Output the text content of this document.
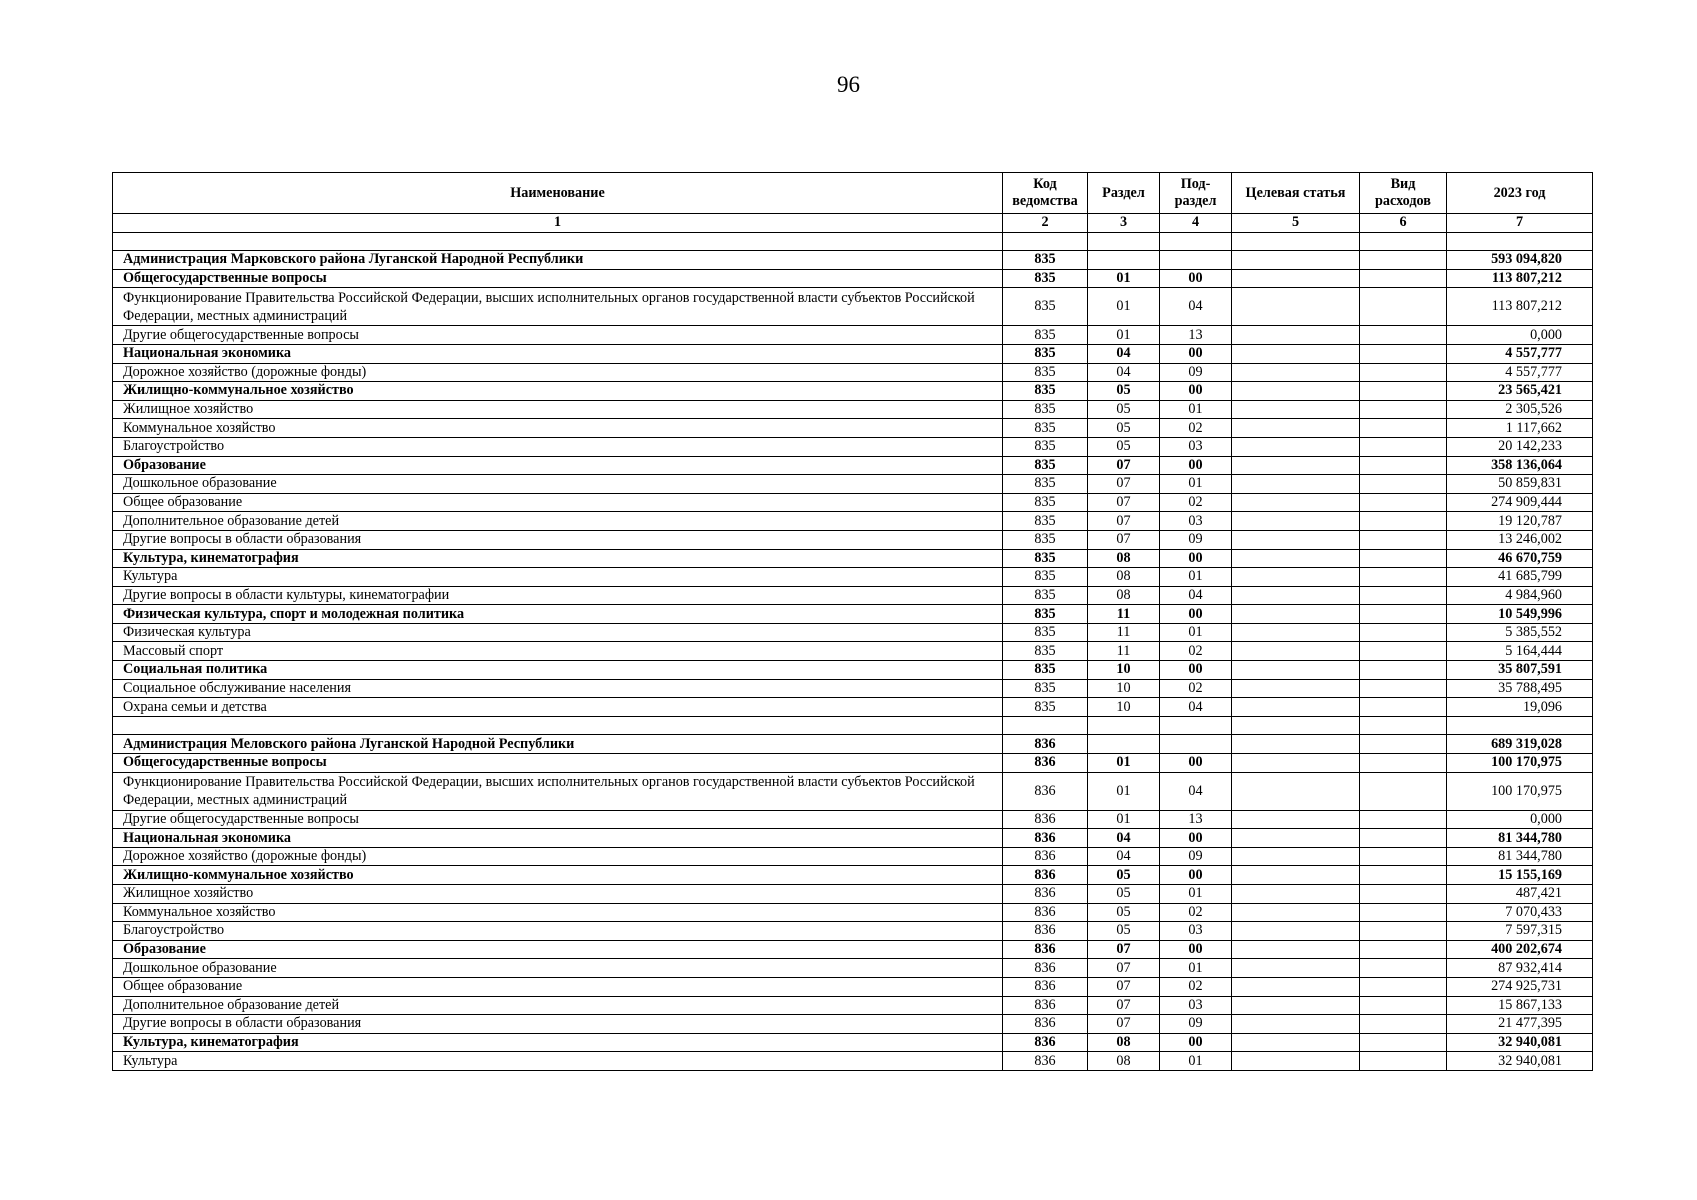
96
Наименование	Код ведомства	Раздел	Под-раздел	Целевая статья	Вид расходов	2023 год
1	2	3	4	5	6	7

Администрация Марковского района Луганской Народной Республики	835					593 094,820
Общегосударственные вопросы	835	01	00			113 807,212
Функционирование Правительства Российской Федерации, высших исполнительных органов государственной власти субъектов Российской Федерации, местных администраций	835	01	04			113 807,212
Другие общегосударственные вопросы	835	01	13			0,000
Национальная экономика	835	04	00			4 557,777
Дорожное хозяйство (дорожные фонды)	835	04	09			4 557,777
Жилищно-коммунальное хозяйство	835	05	00			23 565,421
Жилищное хозяйство	835	05	01			2 305,526
Коммунальное хозяйство	835	05	02			1 117,662
Благоустройство	835	05	03			20 142,233
Образование	835	07	00			358 136,064
Дошкольное образование	835	07	01			50 859,831
Общее образование	835	07	02			274 909,444
Дополнительное образование детей	835	07	03			19 120,787
Другие вопросы в области образования	835	07	09			13 246,002
Культура, кинематография	835	08	00			46 670,759
Культура	835	08	01			41 685,799
Другие вопросы в области культуры, кинематографии	835	08	04			4 984,960
Физическая культура, спорт и молодежная политика	835	11	00			10 549,996
Физическая культура	835	11	01			5 385,552
Массовый спорт	835	11	02			5 164,444
Социальная политика	835	10	00			35 807,591
Социальное обслуживание населения	835	10	02			35 788,495
Охрана семьи и детства	835	10	04			19,096

Администрация Меловского района Луганской Народной Республики	836					689 319,028
Общегосударственные вопросы	836	01	00			100 170,975
Функционирование Правительства Российской Федерации, высших исполнительных органов государственной власти субъектов Российской Федерации, местных администраций	836	01	04			100 170,975
Другие общегосударственные вопросы	836	01	13			0,000
Национальная экономика	836	04	00			81 344,780
Дорожное хозяйство (дорожные фонды)	836	04	09			81 344,780
Жилищно-коммунальное хозяйство	836	05	00			15 155,169
Жилищное хозяйство	836	05	01			487,421
Коммунальное хозяйство	836	05	02			7 070,433
Благоустройство	836	05	03			7 597,315
Образование	836	07	00			400 202,674
Дошкольное образование	836	07	01			87 932,414
Общее образование	836	07	02			274 925,731
Дополнительное образование детей	836	07	03			15 867,133
Другие вопросы в области образования	836	07	09			21 477,395
Культура, кинематография	836	08	00			32 940,081
Культура	836	08	01			32 940,081
